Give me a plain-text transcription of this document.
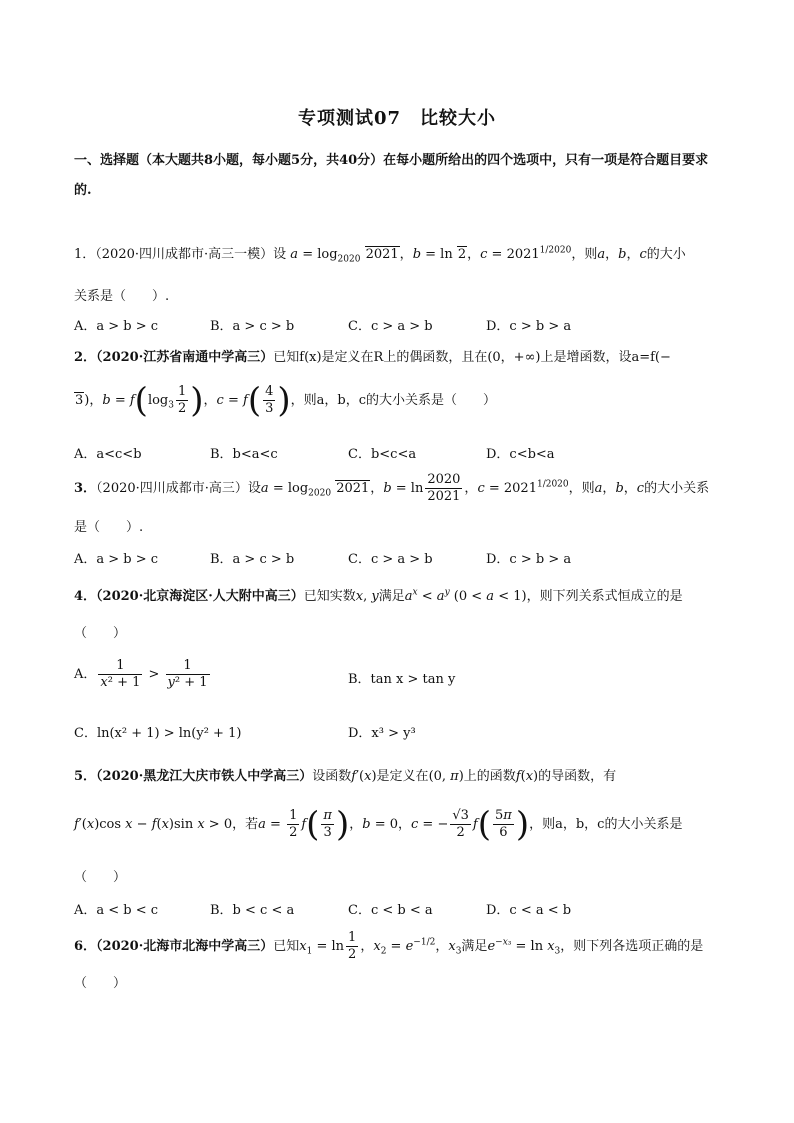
专项测试07　比较大小
一、选择题（本大题共8小题，每小题5分，共40分）在每小题所给出的四个选项中，只有一项是符合题目要求的.
1．（2020·四川成都市·高三一模）设 $a = \log_{2020} 2021$，b = ln 2，$c = 2021^{1/2020}$，则a，b，c的大小
关系是（　　）.
A．a > b > c	B．a > c > b	C．c > a > b	D．c > b > a
2．（2020·江苏省南通中学高三）已知f(x)是定义在R上的偶函数，且在(0，+∞)上是增函数，设a=f(−
3)，$b = f(\log_3 \frac{1}{2}$ )，$c = f( \frac{4}{3}$ )，则a，b，c的大小关系是（　　）
A．a<c<b	B．b<a<c	C．b<c<a	D．c<b<a
3．（2020·四川成都市·高三）设$a = \log_{2020} 2021$，$b = \ln \frac{2020}{2021}$ ，$c = 2021^{1/2020}$，则a，b，c的大小关系
是（　　）.
A．a > b > c	B．a > c > b	C．c > a > b	D．c > b > a
4．（2020·北京海淀区·人大附中高三）已知实数x, y满足$a^x < a^y$ (0 < a < 1)，则下列关系式恒成立的是
（　　）
A． $\frac{1}{\text{x² + 1}} > \frac{1}{\text{y² + 1}}$	B．tan x > tan y
C．ln(x² + 1) > ln(y² + 1)	D．x³ > y³
5．（2020·黑龙江大庆市铁人中学高三）设函数f′(x)是定义在(0, π)上的函数f(x)的导函数，有
f′(x)cos x − f(x)sin x > 0，若$a = \frac{1}{2} f( \frac{\pi}{3}$ )，b = 0，c = − $\frac{√3}{2} f( \frac{5\pi}{6}$ )，则a，b，c的大小关系是
（　　）
A．a < b < c	B．b < c < a	C．c < b < a	D．c < a < b
6．（2020·北海市北海中学高三）已知$x_1 = \ln \frac{1}{2}$ ，$x_2 = e^{-1/2}$，$x_3$满足$e^{-x_3} = \ln x_3$，则下列各选项正确的是
（　　）
